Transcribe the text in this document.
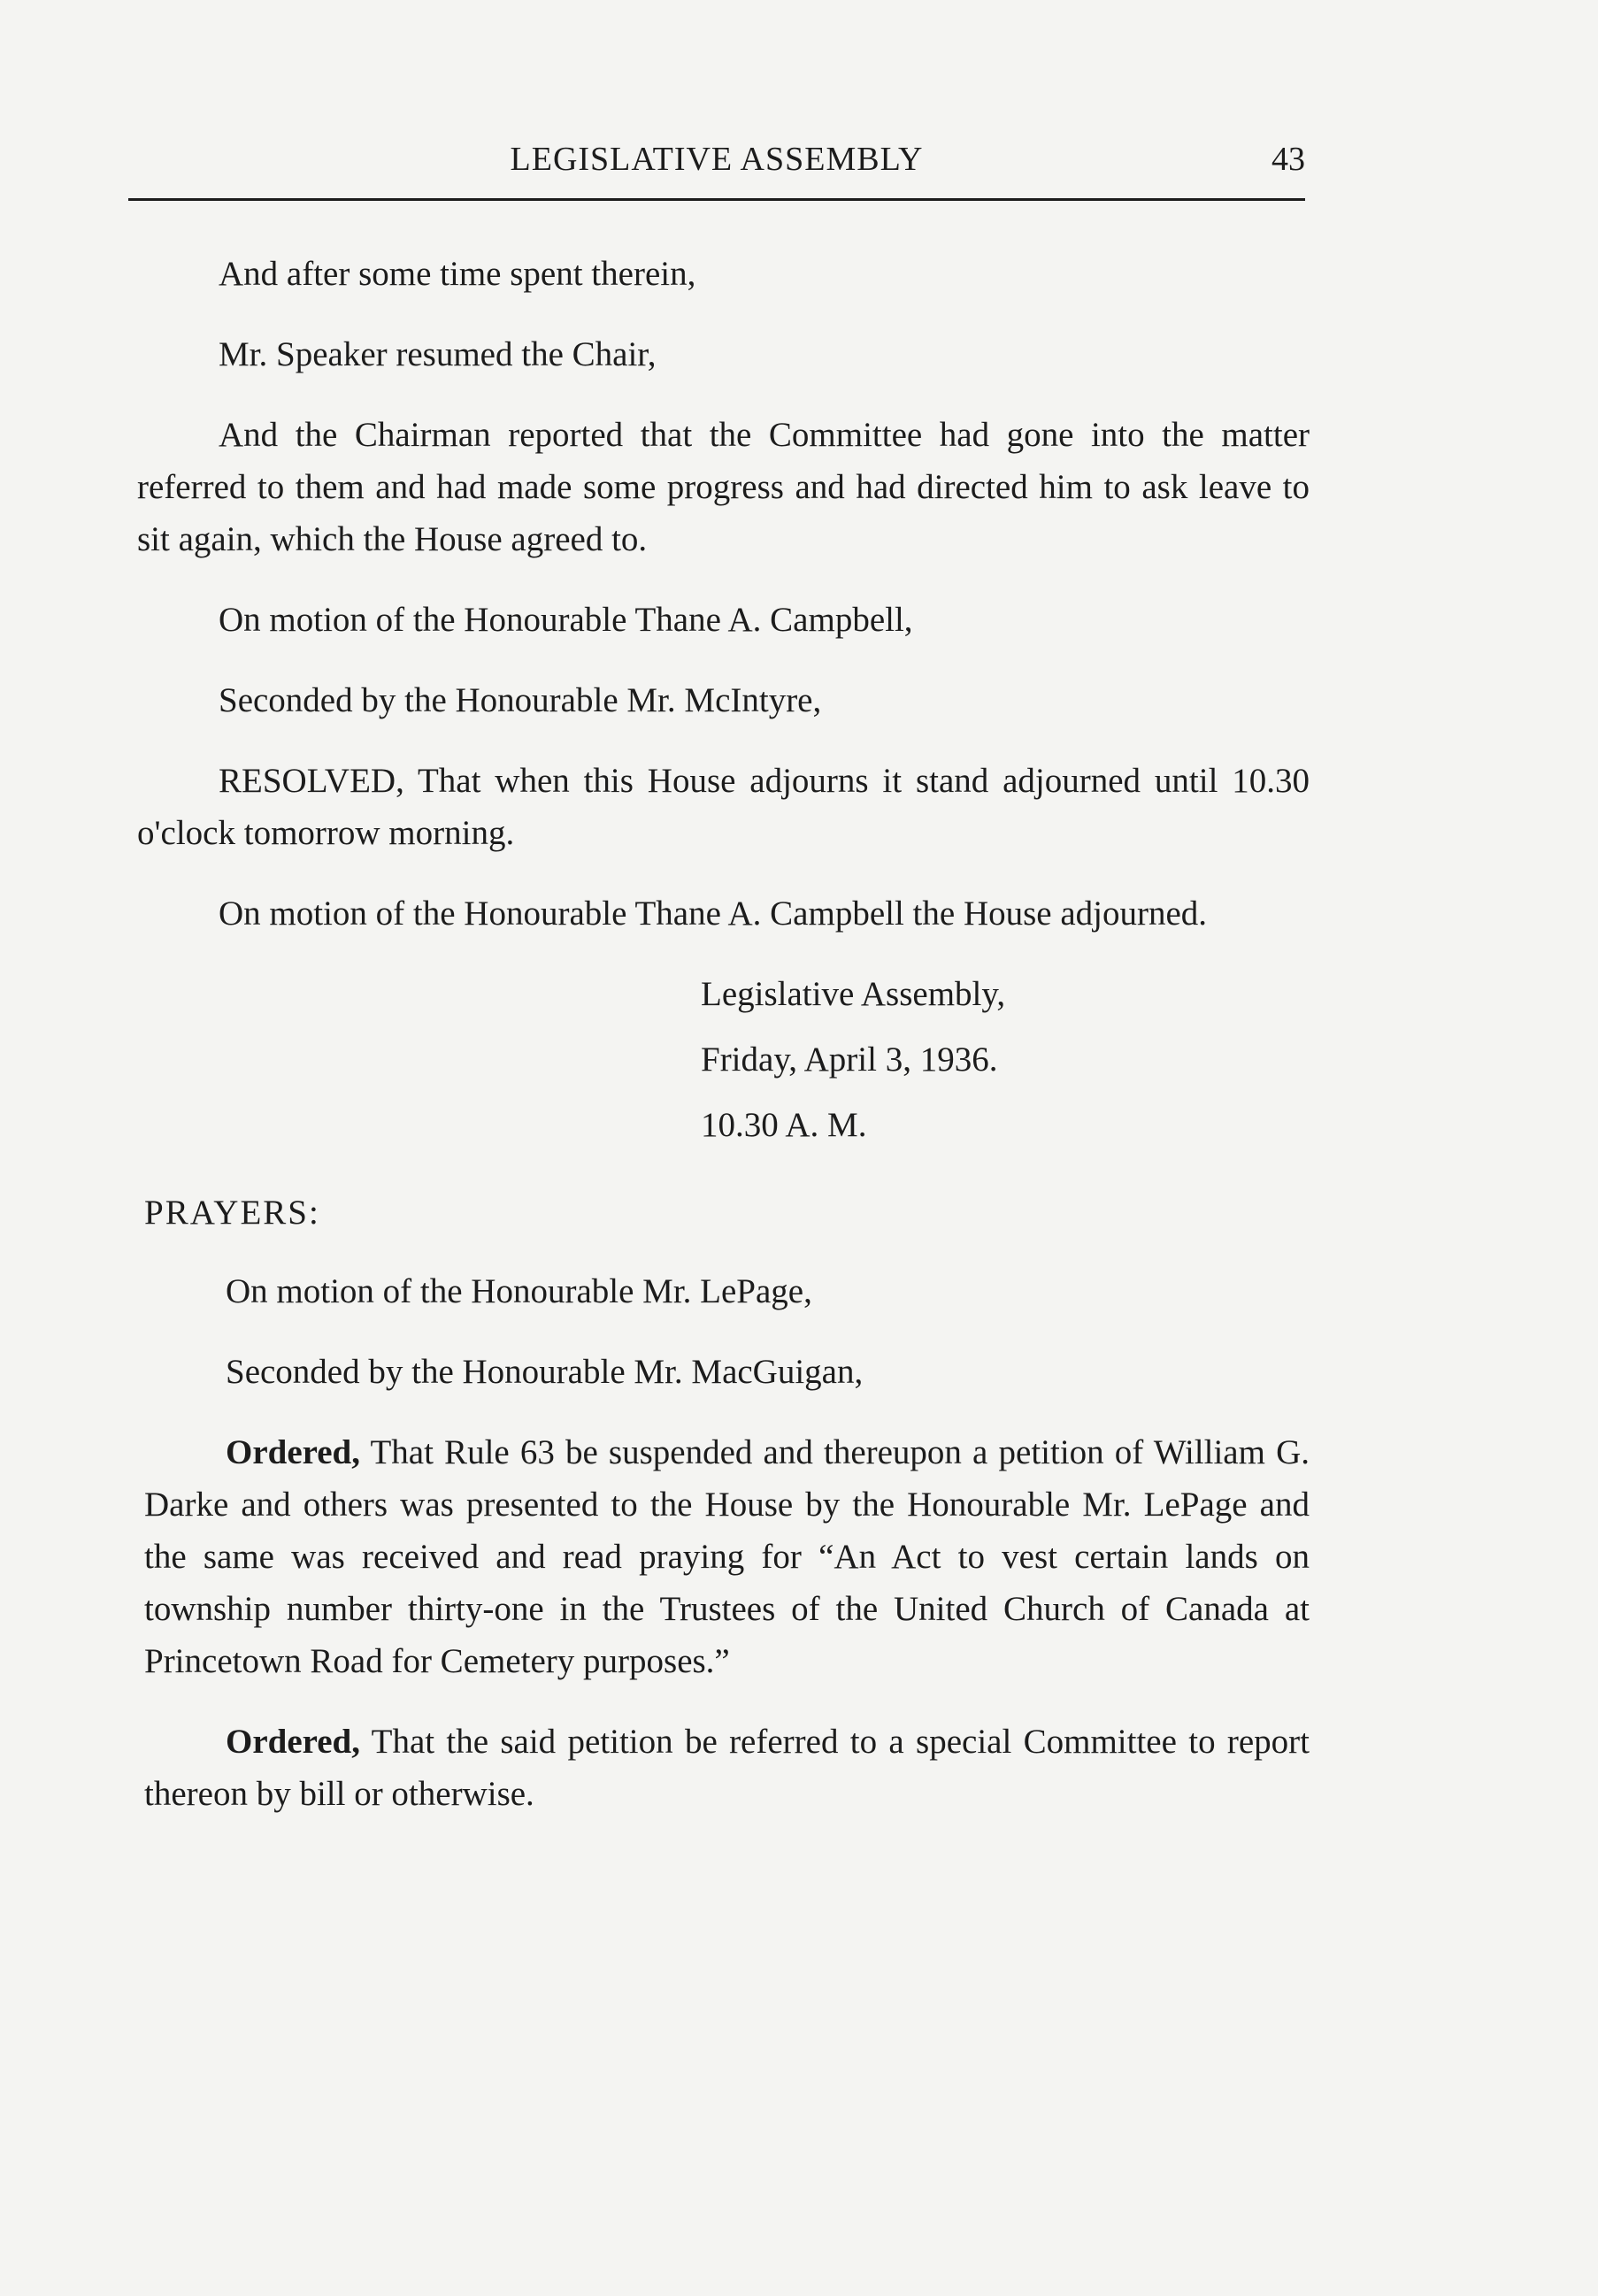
LEGISLATIVE ASSEMBLY	43

And after some time spent therein,

Mr. Speaker resumed the Chair,

And the Chairman reported that the Committee had gone into the matter referred to them and had made some progress and had directed him to ask leave to sit again, which the House agreed to.

On motion of the Honourable Thane A. Campbell,

Seconded by the Honourable Mr. McIntyre,

RESOLVED, That when this House adjourns it stand adjourned until 10.30 o'clock tomorrow morning.

On motion of the Honourable Thane A. Campbell the House adjourned.

Legislative Assembly,

Friday, April 3, 1936.

10.30 A. M.

PRAYERS:

On motion of the Honourable Mr. LePage,

Seconded by the Honourable Mr. MacGuigan,

Ordered, That Rule 63 be suspended and thereupon a petition of William G. Darke and others was presented to the House by the Honourable Mr. LePage and the same was received and read praying for “An Act to vest certain lands on township number thirty-one in the Trustees of the United Church of Canada at Princetown Road for Cemetery purposes.”

Ordered, That the said petition be referred to a special Committee to report thereon by bill or otherwise.
